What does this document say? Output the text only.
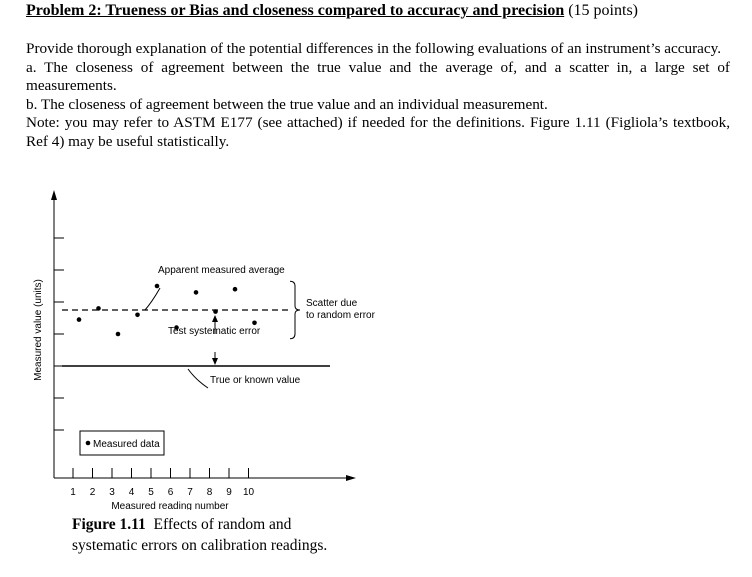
Problem 2: Trueness or Bias and closeness compared to accuracy and precision (15 points)

Provide thorough explanation of the potential differences in the following evaluations of an instrument’s accuracy.

a. The closeness of agreement between the true value and the average of, and a scatter in, a large set of measurements.

b. The closeness of agreement between the true value and an individual measurement.

Note: you may refer to ASTM E177 (see attached) if needed for the definitions. Figure 1.11 (Figliola’s textbook, Ref 4) may be useful statistically.

Apparent measured average
Scatter due
to random error
Test systematic error
True or known value
Measured value (units)
Measured reading number
Measured data
1 2 3 4 5 6 7 8 9 10
Figure 1.11 Effects of random and
systematic errors on calibration readings.
